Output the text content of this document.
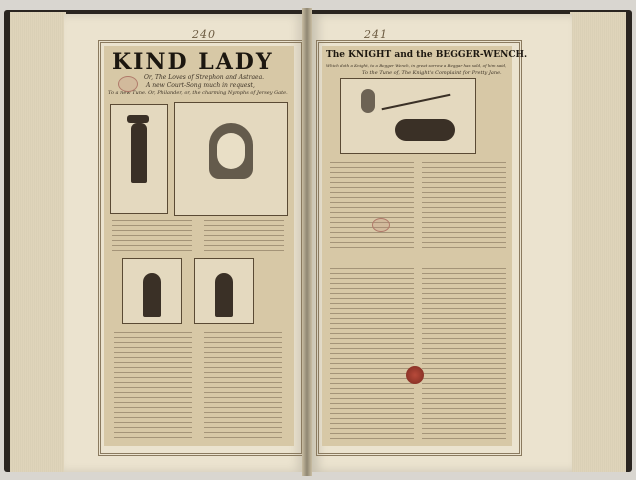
240
KIND LADY
Or, The Loves of Strephon and Astraea.
A new Court-Song much in request,
To a new Tune. Or, Philander, or, the charming Nymphs of Jersey Gate.
241
The KNIGHT and the BEGGER-WENCH.
Which doth a Knight, to a Begger Wench, in great sorrow a Beggar has sold, of him said,
To the Tune of, The Knight's Complaint for Pretty Jane.
